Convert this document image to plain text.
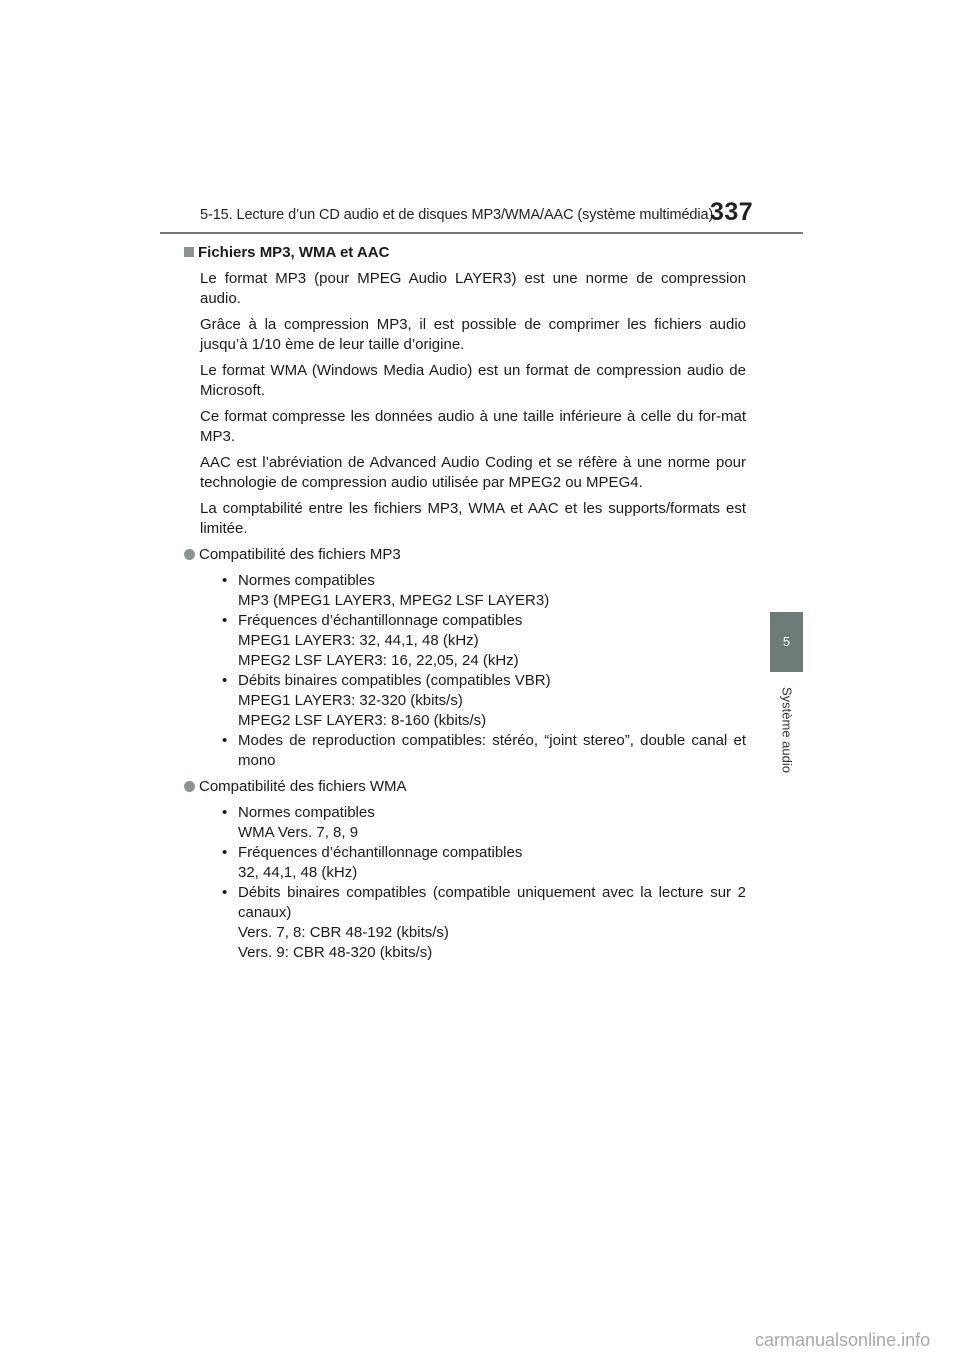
5-15. Lecture d’un CD audio et de disques MP3/WMA/AAC (système multimédia)
337
5
Système audio
Fichiers MP3, WMA et AAC

Le format MP3 (pour MPEG Audio LAYER3) est une norme de compression audio.

Grâce à la compression MP3, il est possible de comprimer les fichiers audio jusqu’à 1/10 ème de leur taille d’origine.

Le format WMA (Windows Media Audio) est un format de compression audio de Microsoft.

Ce format compresse les données audio à une taille inférieure à celle du for-mat MP3.

AAC est l’abréviation de Advanced Audio Coding et se réfère à une norme pour technologie de compression audio utilisée par MPEG2 ou MPEG4.

La comptabilité entre les fichiers MP3, WMA et AAC et les supports/formats est limitée.

Compatibilité des fichiers MP3
• Normes compatibles
MP3 (MPEG1 LAYER3, MPEG2 LSF LAYER3)
• Fréquences d’échantillonnage compatibles
MPEG1 LAYER3: 32, 44,1, 48 (kHz)
MPEG2 LSF LAYER3: 16, 22,05, 24 (kHz)
• Débits binaires compatibles (compatibles VBR)
MPEG1 LAYER3: 32-320 (kbits/s)
MPEG2 LSF LAYER3: 8-160 (kbits/s)
• Modes de reproduction compatibles: stéréo, “joint stereo”, double canal et mono
Compatibilité des fichiers WMA
• Normes compatibles
WMA Vers. 7, 8, 9
• Fréquences d’échantillonnage compatibles
32, 44,1, 48 (kHz)
• Débits binaires compatibles (compatible uniquement avec la lecture sur 2 canaux)
Vers. 7, 8: CBR 48-192 (kbits/s)
Vers. 9: CBR 48-320 (kbits/s)
carmanualsonline.info
